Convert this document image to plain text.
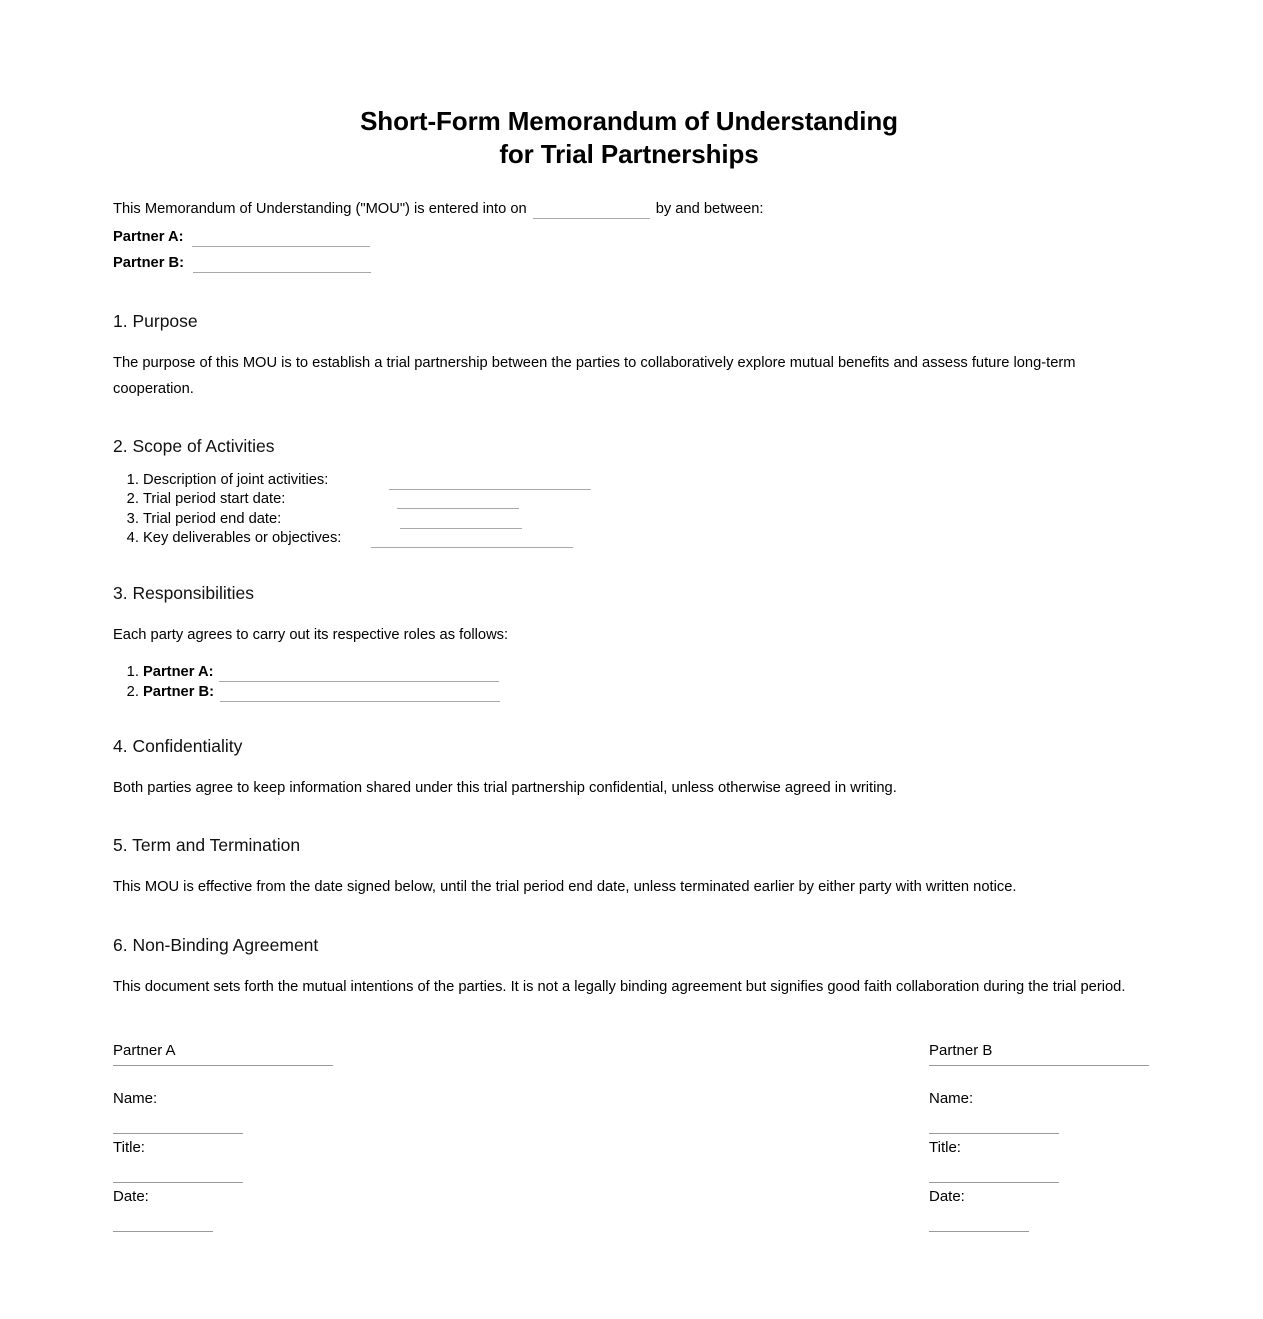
Short-Form Memorandum of Understanding
for Trial Partnerships

This Memorandum of Understanding ("MOU") is entered into on	by and between:

Partner A:

Partner B:

1. Purpose

The purpose of this MOU is to establish a trial partnership between the parties to collaboratively explore mutual benefits and assess future long-term cooperation.

2. Scope of Activities
1. Description of joint activities:
2. Trial period start date:
3. Trial period end date:
4. Key deliverables or objectives:
3. Responsibilities

Each party agrees to carry out its respective roles as follows:

1. Partner A:
2. Partner B:
4. Confidentiality

Both parties agree to keep information shared under this trial partnership confidential, unless otherwise agreed in writing.

5. Term and Termination

This MOU is effective from the date signed below, until the trial period end date, unless terminated earlier by either party with written notice.

6. Non-Binding Agreement

This document sets forth the mutual intentions of the parties. It is not a legally binding agreement but signifies good faith collaboration during the trial period.

Partner A
Name:
Title:
Date:
Partner B
Name:
Title:
Date:
